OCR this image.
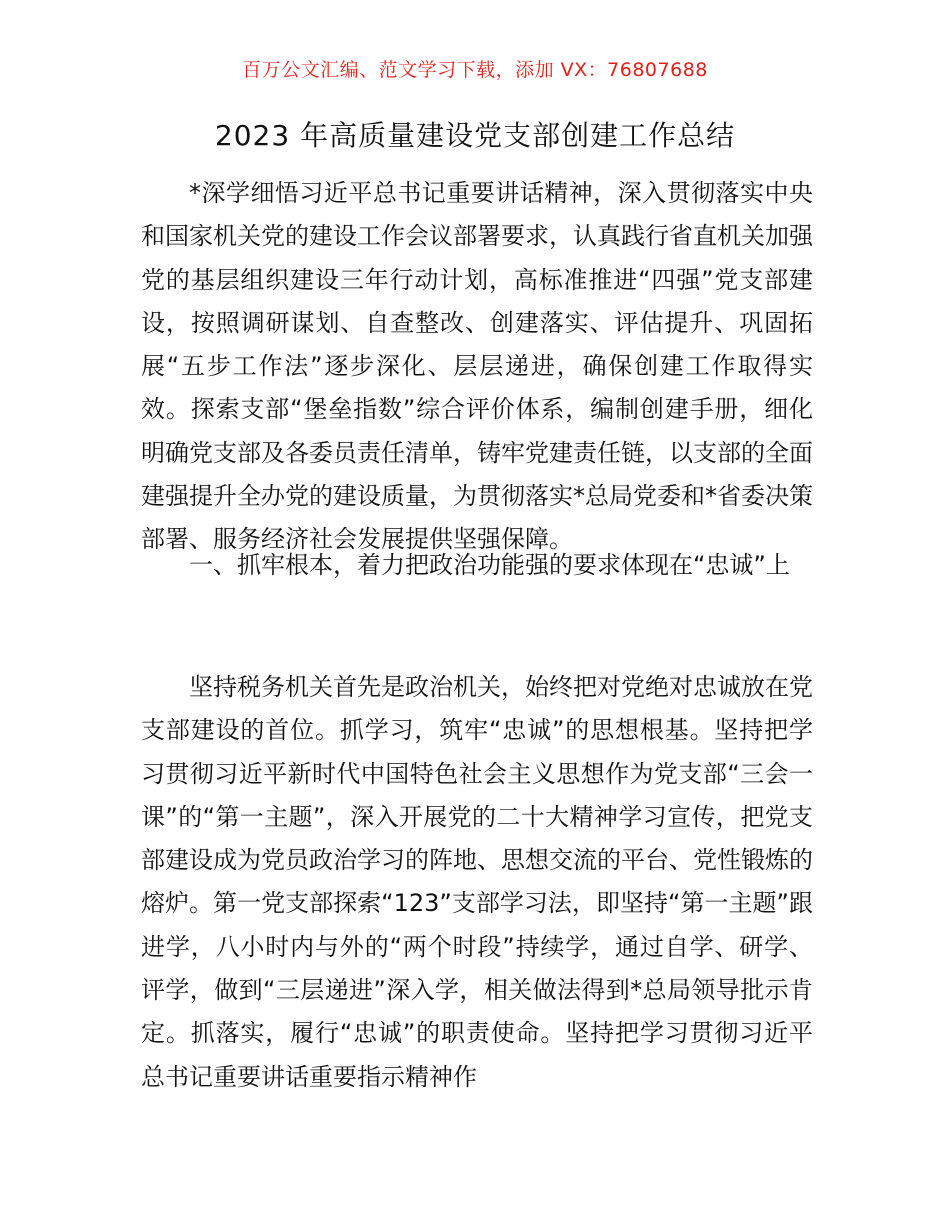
百万公文汇编、范文学习下载，添加 VX：76807688
2023 年高质量建设党支部创建工作总结

*深学细悟习近平总书记重要讲话精神，深入贯彻落实中央和国家机关党的建设工作会议部署要求，认真践行省直机关加强党的基层组织建设三年行动计划，高标准推进“四强”党支部建设，按照调研谋划、自查整改、创建落实、评估提升、巩固拓展“五步工作法”逐步深化、层层递进，确保创建工作取得实效。探索支部“堡垒指数”综合评价体系，编制创建手册，细化明确党支部及各委员责任清单，铸牢党建责任链，以支部的全面建强提升全办党的建设质量，为贯彻落实*总局党委和*省委决策部署、服务经济社会发展提供坚强保障。

一、抓牢根本，着力把政治功能强的要求体现在“忠诚”上

坚持税务机关首先是政治机关，始终把对党绝对忠诚放在党支部建设的首位。抓学习，筑牢“忠诚”的思想根基。坚持把学习贯彻习近平新时代中国特色社会主义思想作为党支部“三会一课”的“第一主题”，深入开展党的二十大精神学习宣传，把党支部建设成为党员政治学习的阵地、思想交流的平台、党性锻炼的熔炉。第一党支部探索“123”支部学习法，即坚持“第一主题”跟进学，八小时内与外的“两个时段”持续学，通过自学、研学、评学，做到“三层递进”深入学，相关做法得到*总局领导批示肯定。抓落实，履行“忠诚”的职责使命。坚持把学习贯彻习近平总书记重要讲话重要指示精神作
